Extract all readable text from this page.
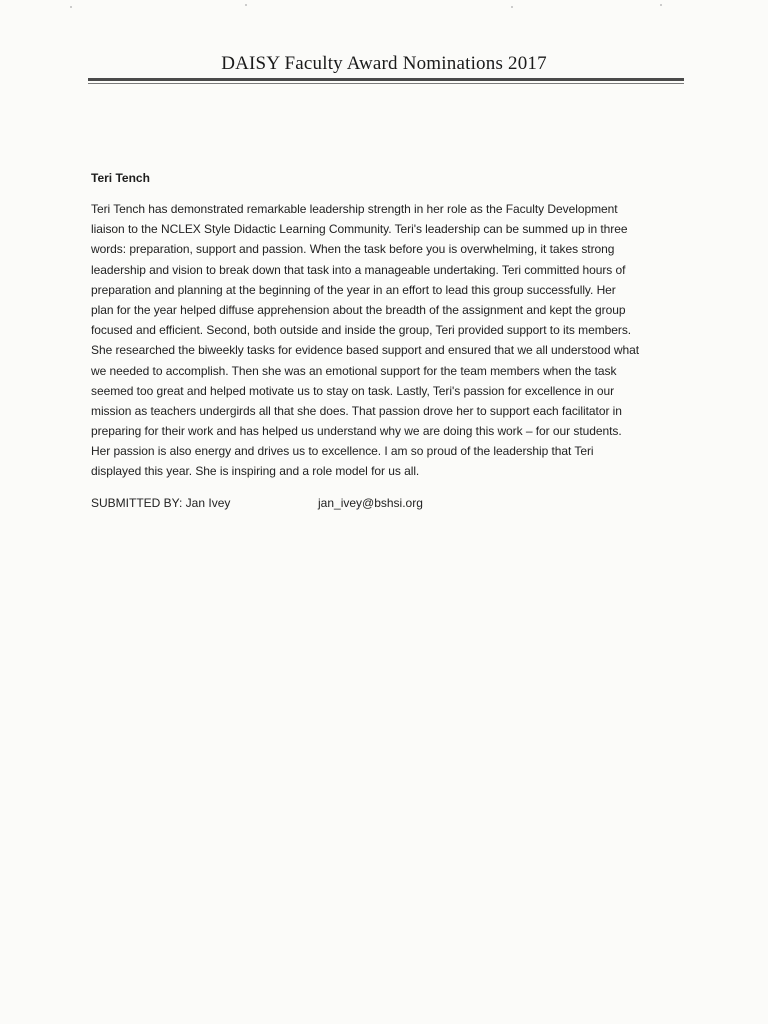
DAISY Faculty Award Nominations 2017
Teri Tench
Teri Tench has demonstrated remarkable leadership strength in her role as the Faculty Development
liaison to the NCLEX Style Didactic Learning Community. Teri's leadership can be summed up in three
words: preparation, support and passion. When the task before you is overwhelming, it takes strong
leadership and vision to break down that task into a manageable undertaking. Teri committed hours of
preparation and planning at the beginning of the year in an effort to lead this group successfully. Her
plan for the year helped diffuse apprehension about the breadth of the assignment and kept the group
focused and efficient. Second, both outside and inside the group, Teri provided support to its members.
She researched the biweekly tasks for evidence based support and ensured that we all understood what
we needed to accomplish. Then she was an emotional support for the team members when the task
seemed too great and helped motivate us to stay on task. Lastly, Teri's passion for excellence in our
mission as teachers undergirds all that she does. That passion drove her to support each facilitator in
preparing for their work and has helped us understand why we are doing this work – for our students.
Her passion is also energy and drives us to excellence. I am so proud of the leadership that Teri
displayed this year. She is inspiring and a role model for us all.
SUBMITTED BY: Jan Ivey	jan_ivey@bshsi.org
